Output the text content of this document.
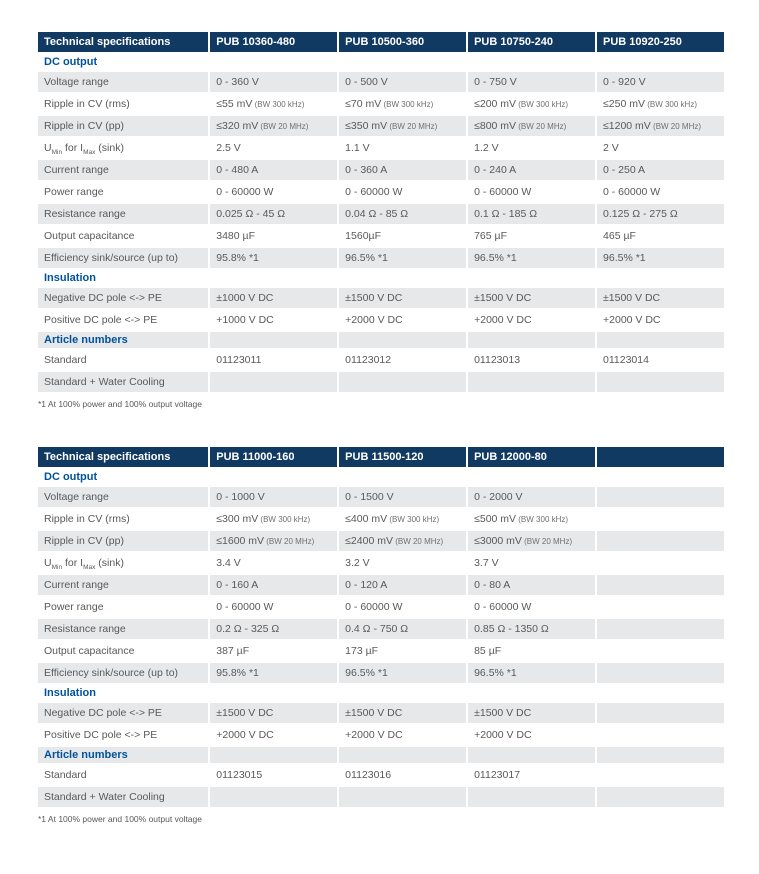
Technical specifications	PUB 10360-480	PUB 10500-360	PUB 10750-240	PUB 10920-250
DC output				
Voltage range	0 - 360 V	0 - 500 V	0 - 750 V	0 - 920 V
Ripple in CV (rms)	≤55 mV (BW 300 kHz)	≤70 mV (BW 300 kHz)	≤200 mV (BW 300 kHz)	≤250 mV (BW 300 kHz)
Ripple in CV (pp)	≤320 mV (BW 20 MHz)	≤350 mV (BW 20 MHz)	≤800 mV (BW 20 MHz)	≤1200 mV (BW 20 MHz)
$U_{Min}$ for $I_{Max}$ (sink)	2.5 V	1.1 V	1.2 V	2 V
Current range	0 - 480 A	0 - 360 A	0 - 240 A	0 - 250 A
Power range	0 - 60000 W	0 - 60000 W	0 - 60000 W	0 - 60000 W
Resistance range	0.025 Ω - 45 Ω	0.04 Ω - 85 Ω	0.1 Ω - 185 Ω	0.125 Ω - 275 Ω
Output capacitance	3480 µF	1560µF	765 µF	465 µF
Efficiency sink/source (up to)	95.8% *1	96.5% *1	96.5% *1	96.5% *1
Insulation				
Negative DC pole <-> PE	±1000 V DC	±1500 V DC	±1500 V DC	±1500 V DC
Positive DC pole <-> PE	+1000 V DC	+2000 V DC	+2000 V DC	+2000 V DC
Article numbers				
Standard	01123011	01123012	01123013	01123014
Standard + Water Cooling				
*1 At 100% power and 100% output voltage
Technical specifications	PUB 11000-160	PUB 11500-120	PUB 12000-80	
DC output				
Voltage range	0 - 1000 V	0 - 1500 V	0 - 2000 V	
Ripple in CV (rms)	≤300 mV (BW 300 kHz)	≤400 mV (BW 300 kHz)	≤500 mV (BW 300 kHz)	
Ripple in CV (pp)	≤1600 mV (BW 20 MHz)	≤2400 mV (BW 20 MHz)	≤3000 mV (BW 20 MHz)	
$U_{Min}$ for $I_{Max}$ (sink)	3.4 V	3.2 V	3.7 V	
Current range	0 - 160 A	0 - 120 A	0 - 80 A	
Power range	0 - 60000 W	0 - 60000 W	0 - 60000 W	
Resistance range	0.2 Ω - 325 Ω	0.4 Ω - 750 Ω	0.85 Ω - 1350 Ω	
Output capacitance	387 µF	173 µF	85 µF	
Efficiency sink/source (up to)	95.8% *1	96.5% *1	96.5% *1	
Insulation				
Negative DC pole <-> PE	±1500 V DC	±1500 V DC	±1500 V DC	
Positive DC pole <-> PE	+2000 V DC	+2000 V DC	+2000 V DC	
Article numbers				
Standard	01123015	01123016	01123017	
Standard + Water Cooling				
*1 At 100% power and 100% output voltage
